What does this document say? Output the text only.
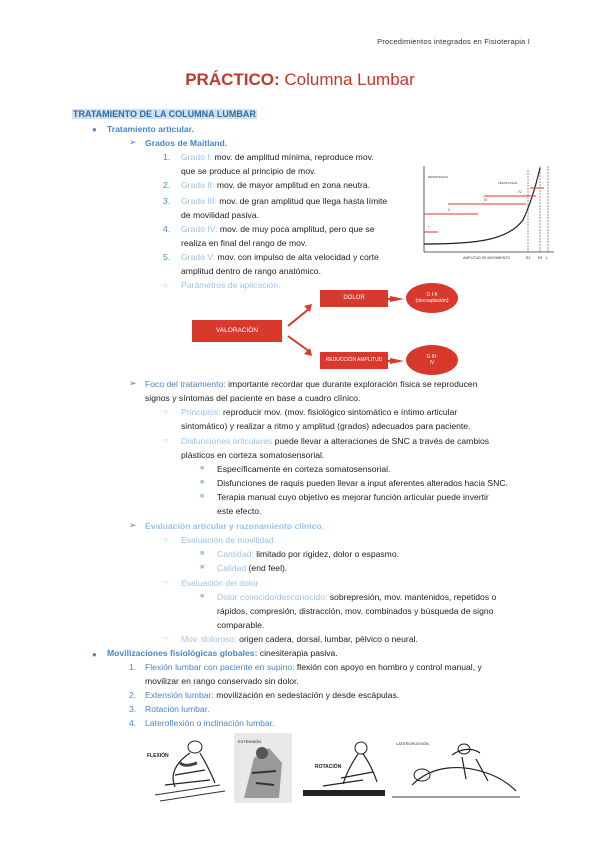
Procedimientos integrados en Fisioterapia I
PRÁCTICO: Columna Lumbar
TRATAMIENTO DE LA COLUMNA LUMBAR
● Tratamiento articular.
➢ Grados de Maitland.
1. Grado I: mov. de amplitud mínima, reproduce mov.
que se produce al principio de mov.
2. Grado II: mov. de mayor amplitud en zona neutra.
3. Grado III: mov. de gran amplitud que llega hasta límite
de movilidad pasiva.
4. Grado IV: mov. de muy poca amplitud, pero que se
realiza en final del rango de mov.
5. Grado V: mov. con impulso de alta velocidad y corte
amplitud dentro de rango anatómico.
○ Parámetros de aplicación.
I
II
III
IV
RESISTENCIA
LÍMITE FISIOL.
AMPLITUD DE MOVIMIENTO	R1 R2 L
VALORACIÓN
DOLOR
REDUCCIÓN AMPLITUD MOV.
G I-II
(decoaptación)
G III-
IV
➢ Foco del tratamiento: importante recordar que durante exploración física se reproducen
signos y síntomas del paciente en base a cuadro clínico.
○ Principios: reproducir mov. (mov. fisiológico sintomático e íntimo articular
sintomático) y realizar a ritmo y amplitud (grados) adecuados para paciente.
○ Disfunciones articulares puede llevar a alteraciones de SNC a través de cambios
plásticos en corteza somatosensorial.
■ Específicamente en corteza somatosensorial.
■ Disfunciones de raquis pueden llevar a input aferentes alterados hacia SNC.
■ Terapia manual cuyo objetivo es mejorar función articular puede invertir
este efecto.
➢ Evaluación articular y razonamiento clínico.
○ Evaluación de movilidad.
■ Cantidad: limitado por rigidez, dolor o espasmo.
■ Calidad (end feel).
○ Evaluación del dolor.
■ Dolor conocido/desconocido: sobrepresión, mov. mantenidos, repetidos o
rápidos, compresión, distracción, mov. combinados y búsqueda de signo
comparable.
○ Mov. doloroso: origen cadera, dorsal, lumbar, pélvico o neural.
● Movilizaciones fisiológicas globales: cinesiterapia pasiva.
1. Flexión lumbar con paciente en supino: flexión con apoyo en hombro y control manual, y
movilizar en rango conservado sin dolor.
2. Extensión lumbar: movilización en sedestación y desde escápulas.
3. Rotación lumbar.
4. Lateroflexión o inclinación lumbar.
FLEXIÓN
EXTENSIÓN
ROTACIÓN
LATEROFLEXIÓN
